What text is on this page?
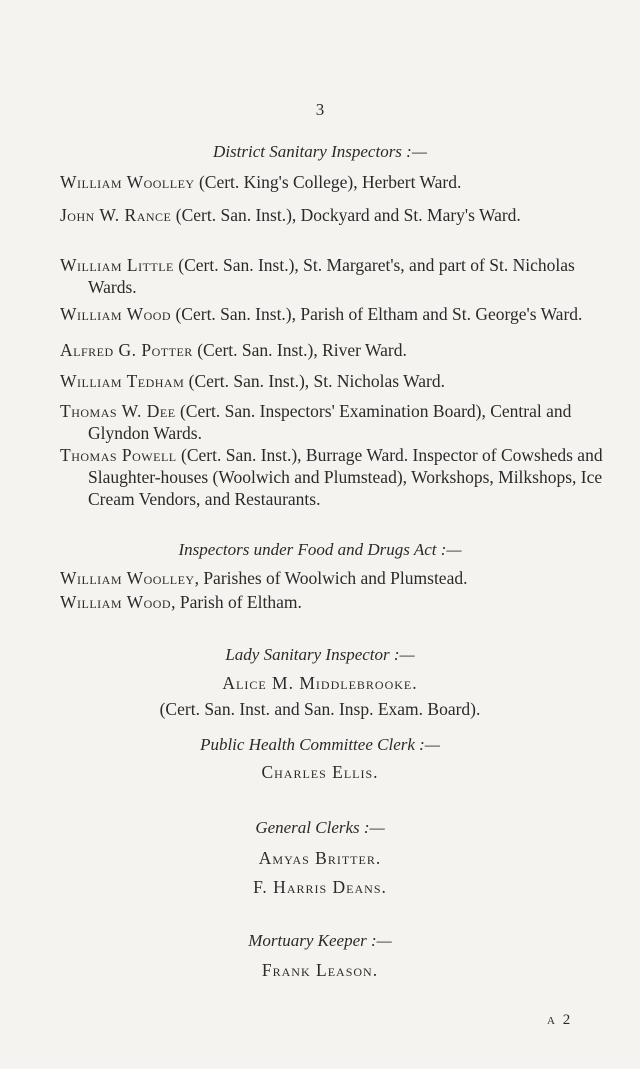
3
District Sanitary Inspectors :—
William Woolley (Cert. King's College), Herbert Ward.
John W. Rance (Cert. San. Inst.), Dockyard and St. Mary's Ward.
William Little (Cert. San. Inst.), St. Margaret's, and part of St. Nicholas Wards.
William Wood (Cert. San. Inst.), Parish of Eltham and St. George's Ward.
Alfred G. Potter (Cert. San. Inst.), River Ward.
William Tedham (Cert. San. Inst.), St. Nicholas Ward.
Thomas W. Dee (Cert. San. Inspectors' Examination Board), Central and Glyndon Wards.
Thomas Powell (Cert. San. Inst.), Burrage Ward. Inspector of Cowsheds and Slaughter-houses (Woolwich and Plumstead), Workshops, Milkshops, Ice Cream Vendors, and Restaurants.
Inspectors under Food and Drugs Act :—
William Woolley, Parishes of Woolwich and Plumstead.
William Wood, Parish of Eltham.
Lady Sanitary Inspector :—
Alice M. Middlebrooke.
(Cert. San. Inst. and San. Insp. Exam. Board).
Public Health Committee Clerk :—
Charles Ellis.
General Clerks :—
Amyas Britter.
F. Harris Deans.
Mortuary Keeper :—
Frank Leason.
a 2
